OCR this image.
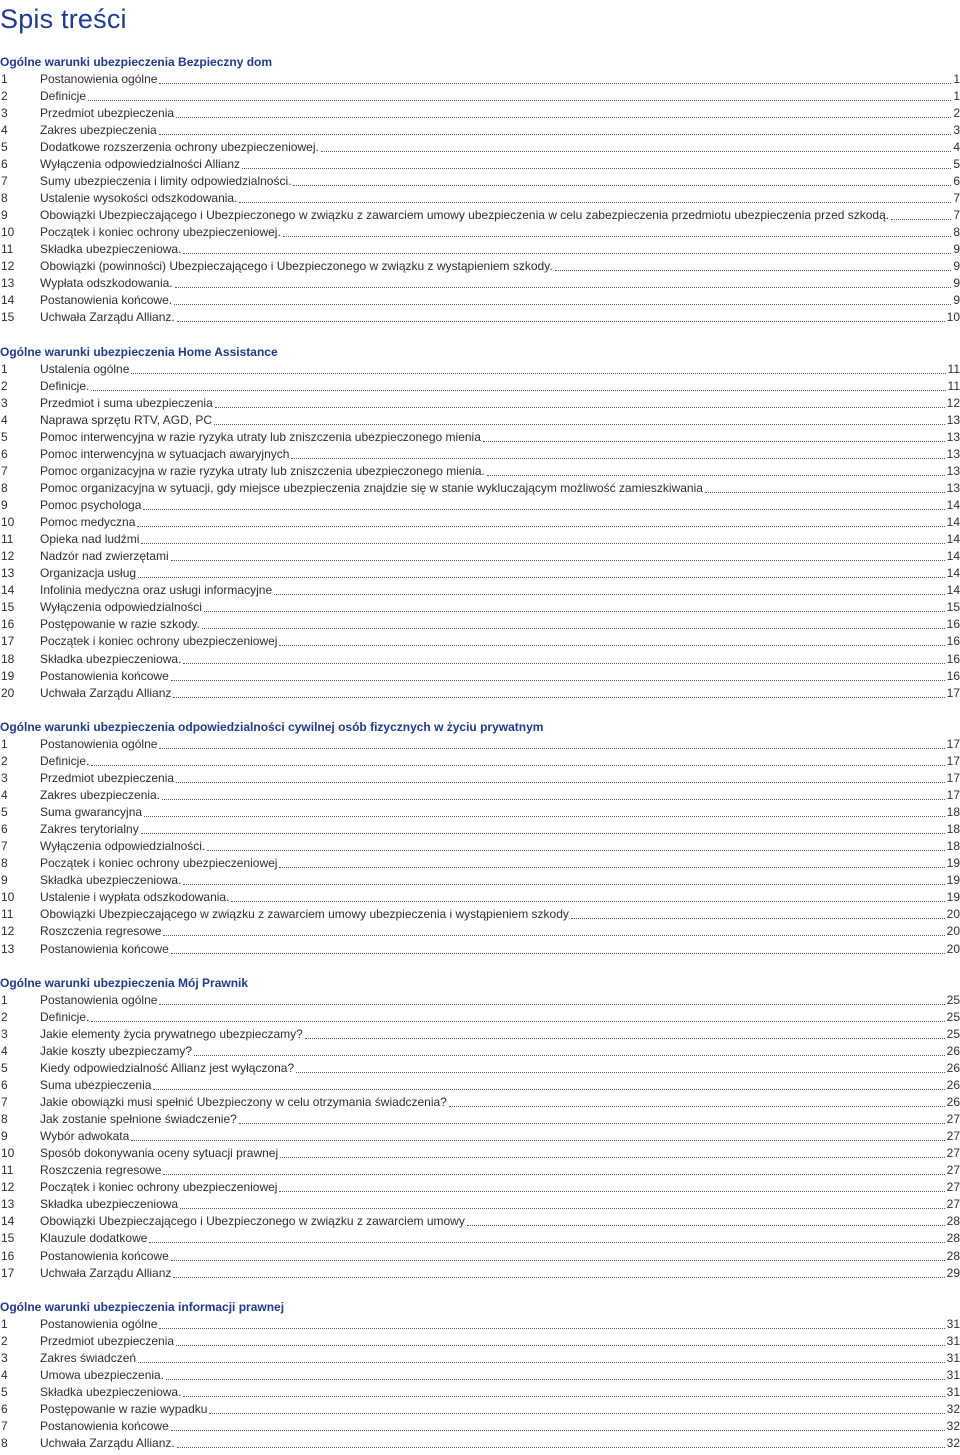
Spis treści
Ogólne warunki ubezpieczenia Bezpieczny dom
1	Postanowienia ogólne	1
2	Definicje	1
3	Przedmiot ubezpieczenia	2
4	Zakres ubezpieczenia	3
5	Dodatkowe rozszerzenia ochrony ubezpieczeniowej.	4
6	Wyłączenia odpowiedzialności Allianz	5
7	Sumy ubezpieczenia i limity odpowiedzialności.	6
8	Ustalenie wysokości odszkodowania.	7
9	Obowiązki Ubezpieczającego i Ubezpieczonego w związku z zawarciem umowy ubezpieczenia w celu zabezpieczenia przedmiotu ubezpieczenia przed szkodą.	7
10	Początek i koniec ochrony ubezpieczeniowej.	8
11	Składka ubezpieczeniowa.	9
12	Obowiązki (powinności) Ubezpieczającego i Ubezpieczonego w związku z wystąpieniem szkody.	9
13	Wypłata odszkodowania.	9
14	Postanowienia końcowe.	9
15	Uchwała Zarządu Allianz.	10
Ogólne warunki ubezpieczenia Home Assistance
1	Ustalenia ogólne	11
2	Definicje.	11
3	Przedmiot i suma ubezpieczenia	12
4	Naprawa sprzętu RTV, AGD, PC	13
5	Pomoc interwencyjna w razie ryzyka utraty lub zniszczenia ubezpieczonego mienia	13
6	Pomoc interwencyjna w sytuacjach awaryjnych	13
7	Pomoc organizacyjna w razie ryzyka utraty lub zniszczenia ubezpieczonego mienia.	13
8	Pomoc organizacyjna w sytuacji, gdy miejsce ubezpieczenia znajdzie się w stanie wykluczającym możliwość zamieszkiwania	13
9	Pomoc psychologa	14
10	Pomoc medyczna	14
11	Opieka nad ludźmi	14
12	Nadzór nad zwierzętami	14
13	Organizacja usług	14
14	Infolinia medyczna oraz usługi informacyjne	14
15	Wyłączenia odpowiedzialności	15
16	Postępowanie w razie szkody.	16
17	Początek i koniec ochrony ubezpieczeniowej	16
18	Składka ubezpieczeniowa.	16
19	Postanowienia końcowe	16
20	Uchwała Zarządu Allianz	17
Ogólne warunki ubezpieczenia odpowiedzialności cywilnej osób fizycznych w życiu prywatnym
1	Postanowienia ogólne	17
2	Definicje.	17
3	Przedmiot ubezpieczenia	17
4	Zakres ubezpieczenia.	17
5	Suma gwarancyjna	18
6	Zakres terytorialny	18
7	Wyłączenia odpowiedzialności.	18
8	Początek i koniec ochrony ubezpieczeniowej	19
9	Składka ubezpieczeniowa.	19
10	Ustalenie i wypłata odszkodowania.	19
11	Obowiązki Ubezpieczającego w związku z zawarciem umowy ubezpieczenia i wystąpieniem szkody	20
12	Roszczenia regresowe	20
13	Postanowienia końcowe	20
Ogólne warunki ubezpieczenia Mój Prawnik
1	Postanowienia ogólne	25
2	Definicje.	25
3	Jakie elementy życia prywatnego ubezpieczamy?	25
4	Jakie koszty ubezpieczamy?	26
5	Kiedy odpowiedzialność Allianz jest wyłączona?	26
6	Suma ubezpieczenia	26
7	Jakie obowiązki musi spełnić Ubezpieczony w celu otrzymania świadczenia?	26
8	Jak zostanie spełnione świadczenie?	27
9	Wybór adwokata	27
10	Sposób dokonywania oceny sytuacji prawnej	27
11	Roszczenia regresowe	27
12	Początek i koniec ochrony ubezpieczeniowej	27
13	Składka ubezpieczeniowa	27
14	Obowiązki Ubezpieczającego i Ubezpieczonego w związku z zawarciem umowy	28
15	Klauzule dodatkowe	28
16	Postanowienia końcowe	28
17	Uchwała Zarządu Allianz	29
Ogólne warunki ubezpieczenia informacji prawnej
1	Postanowienia ogólne	31
2	Przedmiot ubezpieczenia	31
3	Zakres świadczeń	31
4	Umowa ubezpieczenia.	31
5	Składka ubezpieczeniowa.	31
6	Postępowanie w razie wypadku	32
7	Postanowienia końcowe	32
8	Uchwała Zarządu Allianz.	32
